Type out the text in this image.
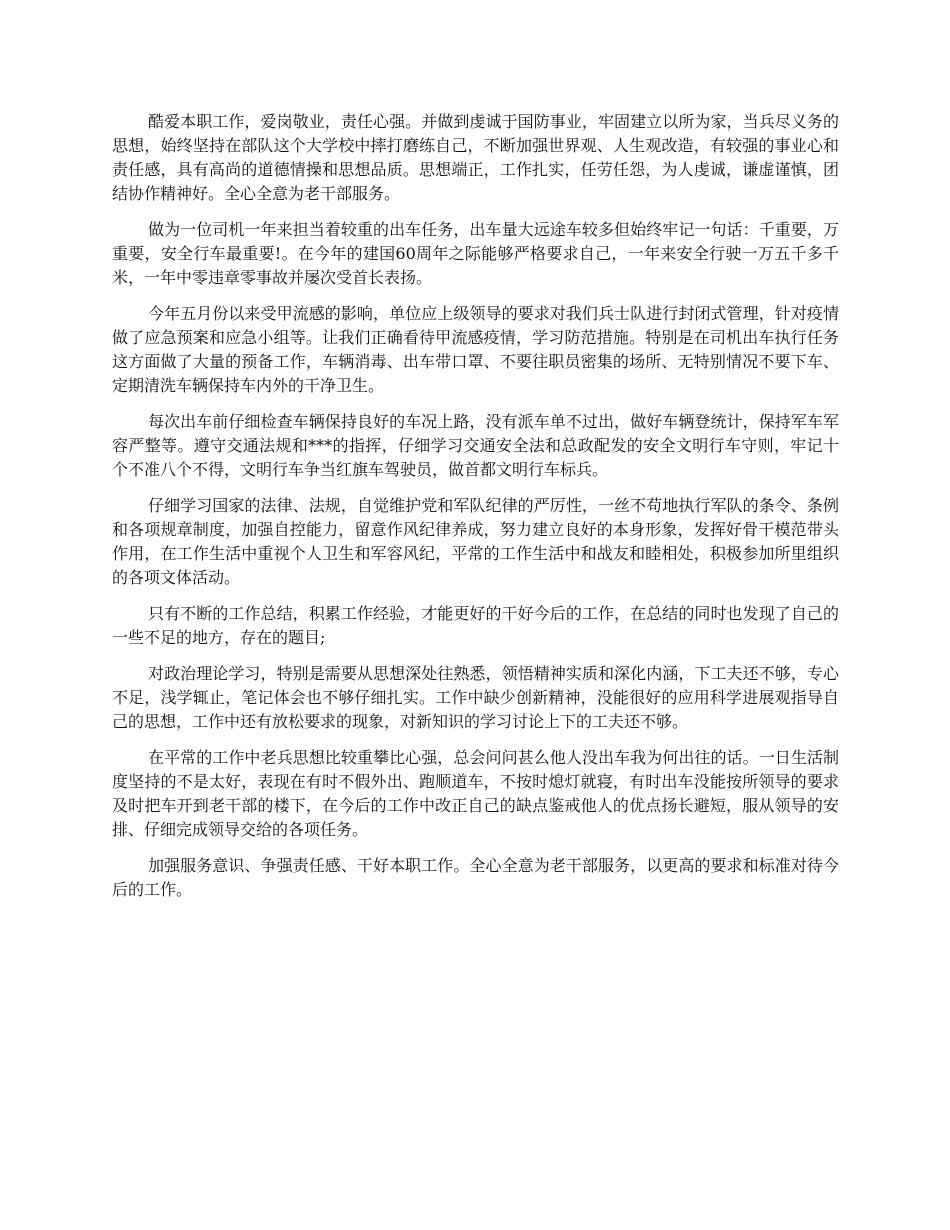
酷爱本职工作，爱岗敬业，责任心强。并做到虔诚于国防事业，牢固建立以所为家，当兵尽义务的思想，始终坚持在部队这个大学校中摔打磨练自己，不断加强世界观、人生观改造，有较强的事业心和责任感，具有高尚的道德情操和思想品质。思想端正，工作扎实，任劳任怨，为人虔诚，谦虚谨慎，团结协作精神好。全心全意为老干部服务。

做为一位司机一年来担当着较重的出车任务，出车量大远途车较多但始终牢记一句话：千重要，万重要，安全行车最重要!。在今年的建国60周年之际能够严格要求自己，一年来安全行驶一万五千多千米，一年中零违章零事故并屡次受首长表扬。

今年五月份以来受甲流感的影响，单位应上级领导的要求对我们兵士队进行封闭式管理，针对疫情做了应急预案和应急小组等。让我们正确看待甲流感疫情，学习防范措施。特别是在司机出车执行任务这方面做了大量的预备工作，车辆消毒、出车带口罩、不要往职员密集的场所、无特别情况不要下车、定期清洗车辆保持车内外的干净卫生。

每次出车前仔细检查车辆保持良好的车况上路，没有派车单不过出，做好车辆登统计，保持军车军容严整等。遵守交通法规和***的指挥，仔细学习交通安全法和总政配发的安全文明行车守则，牢记十个不准八个不得，文明行车争当红旗车驾驶员，做首都文明行车标兵。

仔细学习国家的法律、法规，自觉维护党和军队纪律的严厉性，一丝不苟地执行军队的条令、条例和各项规章制度，加强自控能力，留意作风纪律养成，努力建立良好的本身形象，发挥好骨干模范带头作用，在工作生活中重视个人卫生和军容风纪，平常的工作生活中和战友和睦相处，积极参加所里组织的各项文体活动。

只有不断的工作总结，积累工作经验，才能更好的干好今后的工作，在总结的同时也发现了自己的一些不足的地方，存在的题目;

对政治理论学习，特别是需要从思想深处往熟悉，领悟精神实质和深化内涵，下工夫还不够，专心不足，浅学辄止，笔记体会也不够仔细扎实。工作中缺少创新精神，没能很好的应用科学进展观指导自己的思想，工作中还有放松要求的现象，对新知识的学习讨论上下的工夫还不够。

在平常的工作中老兵思想比较重攀比心强，总会问问甚么他人没出车我为何出往的话。一日生活制度坚持的不是太好，表现在有时不假外出、跑顺道车，不按时熄灯就寝，有时出车没能按所领导的要求及时把车开到老干部的楼下，在今后的工作中改正自己的缺点鉴戒他人的优点扬长避短，服从领导的安排、仔细完成领导交给的各项任务。

加强服务意识、争强责任感、干好本职工作。全心全意为老干部服务，以更高的要求和标准对待今后的工作。
